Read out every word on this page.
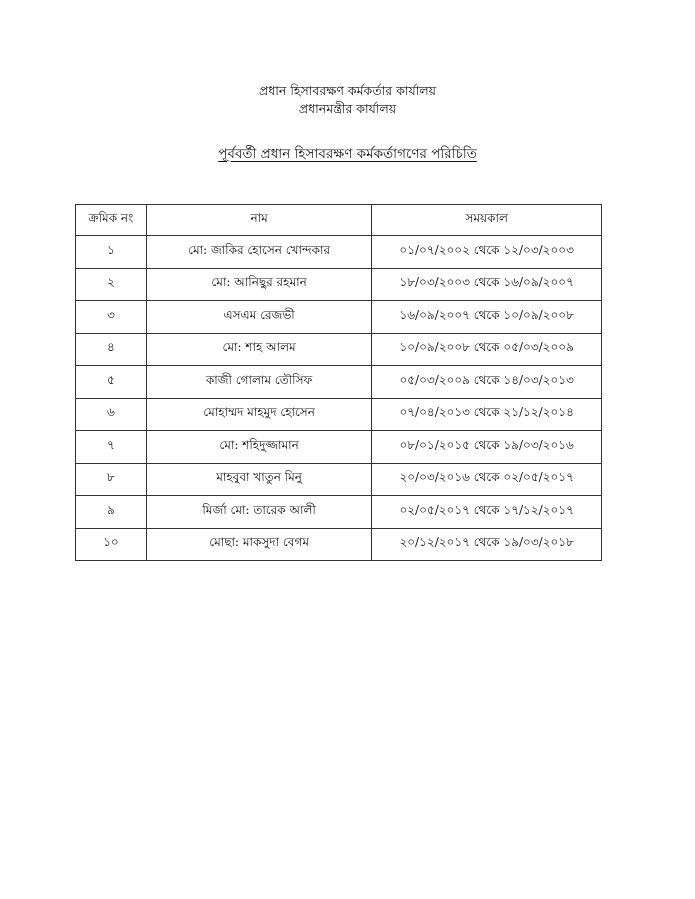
প্রধান হিসাবরক্ষণ কর্মকর্তার কার্যালয়
প্রধানমন্ত্রীর কার্যালয়
পূর্ববর্তী প্রধান হিসাবরক্ষণ কর্মকর্তাগণের পরিচিতি
ক্রমিক নং	নাম	সময়কাল
১	মো: জাকির হোসেন খোন্দকার	০১/০৭/২০০২ থেকে ১২/০৩/২০০৩
২	মো: আনিছুর রহমান	১৮/০৩/২০০৩ থেকে ১৬/০৯/২০০৭
৩	এসএম রেজভী	১৬/০৯/২০০৭ থেকে ১০/০৯/২০০৮
৪	মো: শাহ আলম	১০/০৯/২০০৮ থেকে ০৫/০৩/২০০৯
৫	কাজী গোলাম তৌসিফ	০৫/০৩/২০০৯ থেকে ১৪/০৩/২০১৩
৬	মোহাম্মদ মাহমুদ হোসেন	০৭/০৪/২০১৩ থেকে ২১/১২/২০১৪
৭	মো: শহিদুজ্জামান	০৮/০১/২০১৫ থেকে ১৯/০৩/২০১৬
৮	মাহবুবা খাতুন মিনু	২০/০৩/২০১৬ থেকে ০২/০৫/২০১৭
৯	মির্জা মো: তারেক আলী	০২/০৫/২০১৭ থেকে ১৭/১২/২০১৭
১০	মোছা: মাকসুদা বেগম	২০/১২/২০১৭ থেকে ১৯/০৩/২০১৮
